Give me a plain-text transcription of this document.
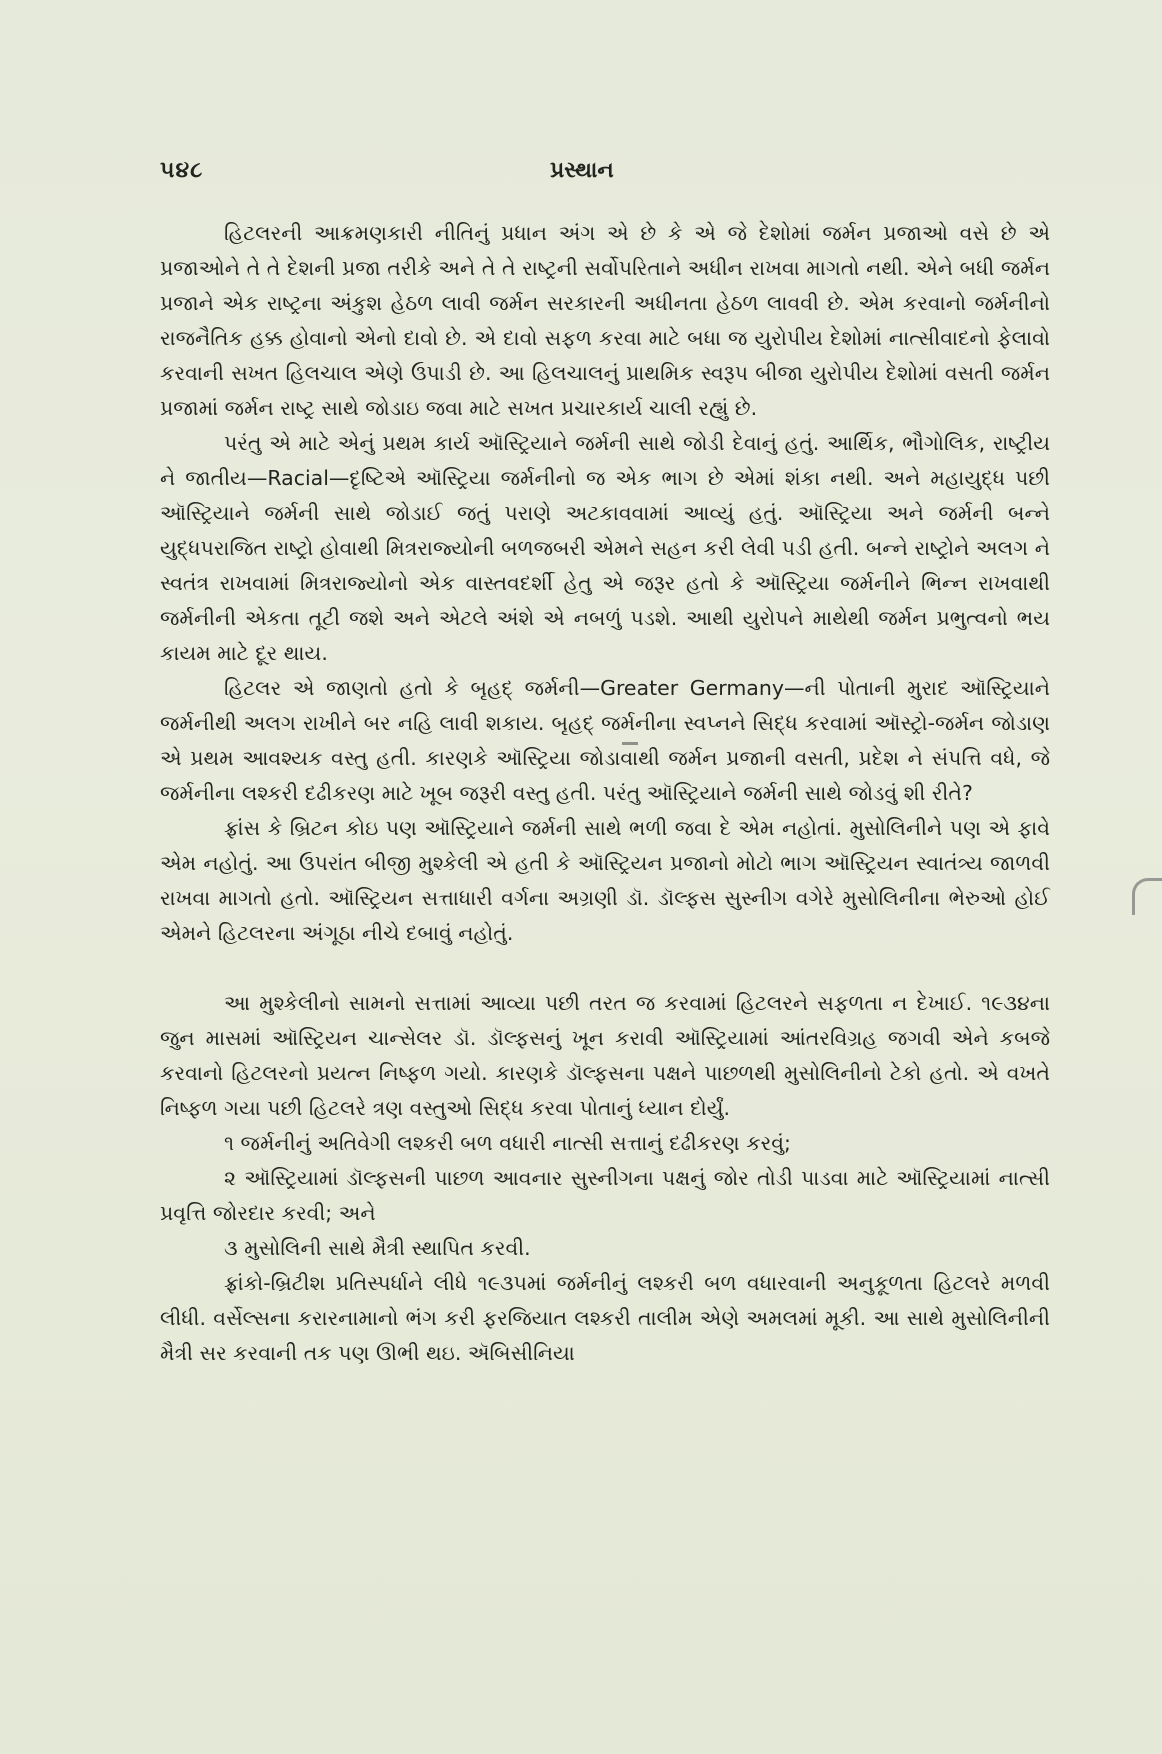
૫૪૮	પ્રસ્થાન

હિટલરની આક્રમણકારી નીતિનું પ્રધાન અંગ એ છે કે એ જે દેશોમાં જર્મન પ્રજાઓ વસે છે એ પ્રજાઓને તે તે દેશની પ્રજા તરીકે અને તે તે રાષ્ટ્રની સર્વોપરિતાને અધીન રાખવા માગતો નથી. એને બધી જર્મન પ્રજાને એક રાષ્ટ્રના અંકુશ હેઠળ લાવી જર્મન સરકારની અધીનતા હેઠળ લાવવી છે. એમ કરવાનો જર્મનીનો રાજનૈતિક હક્ક હોવાનો એનો દાવો છે. એ દાવો સફળ કરવા માટે બધા જ યુરોપીય દેશોમાં નાત્સીવાદનો ફેલાવો કરવાની સખત હિલચાલ એણે ઉપાડી છે. આ હિલચાલનું પ્રાથમિક સ્વરૂપ બીજા યુરોપીય દેશોમાં વસતી જર્મન પ્રજામાં જર્મન રાષ્ટ્ર સાથે જોડાઇ જવા માટે સખત પ્રચારકાર્ય ચાલી રહ્યું છે.

પરંતુ એ માટે એનું પ્રથમ કાર્ય ઑસ્ટ્રિયાને જર્મની સાથે જોડી દેવાનું હતું. આર્થિક, ભૌગોલિક, રાષ્ટ્રીય ને જાતીય—Racial—દૃષ્ટિએ ઑસ્ટ્રિયા જર્મનીનો જ એક ભાગ છે એમાં શંકા નથી. અને મહાયુદ્ધ પછી ઑસ્ટ્રિયાને જર્મની સાથે જોડાઈ જતું પરાણે અટકાવવામાં આવ્યું હતું. ઑસ્ટ્રિયા અને જર્મની બન્ને યુદ્ધપરાજિત રાષ્ટ્રો હોવાથી મિત્રરાજ્યોની બળજબરી એમને સહન કરી લેવી પડી હતી. બન્ને રાષ્ટ્રોને અલગ ને સ્વતંત્ર રાખવામાં મિત્રરાજ્યોનો એક વાસ્તવદર્શી હેતુ એ જરૂર હતો કે ઑસ્ટ્રિયા જર્મનીને ભિન્ન રાખવાથી જર્મનીની એકતા તૂટી જશે અને એટલે અંશે એ નબળું પડશે. આથી યુરોપને માથેથી જર્મન પ્રભુત્વનો ભય કાયમ માટે દૂર થાય.

હિટલર એ જાણતો હતો કે બૃહદ્ જર્મની—Greater Germany—ની પોતાની મુરાદ ઑસ્ટ્રિયાને જર્મનીથી અલગ રાખીને બર નહિ લાવી શકાય. બૃહદ્ જર્મનીના સ્વપ્નને સિદ્ધ કરવામાં ઑસ્ટ્રો-જર્મન જોડાણ એ પ્રથમ આવશ્યક વસ્તુ હતી. કારણકે ઑસ્ટ્રિયા જોડાવાથી જર્મન પ્રજાની વસતી, પ્રદેશ ને સંપત્તિ વધે, જે જર્મનીના લશ્કરી દઢીકરણ માટે ખૂબ જરૂરી વસ્તુ હતી. પરંતુ ઑસ્ટ્રિયાને જર્મની સાથે જોડવું શી રીતે?

ફ્રાંસ કે બ્રિટન કોઇ પણ ઑસ્ટ્રિયાને જર્મની સાથે ભળી જવા દે એમ નહોતાં. મુસોલિનીને પણ એ ફાવે એમ નહોતું. આ ઉપરાંત બીજી મુશ્કેલી એ હતી કે ઑસ્ટ્રિયન પ્રજાનો મોટો ભાગ ઑસ્ટ્રિયન સ્વાતંત્ર્ય જાળવી રાખવા માગતો હતો. ઑસ્ટ્રિયન સત્તાધારી વર્ગના અગ્રણી ડૉ. ડૉલ્ફસ સુસ્નીગ વગેરે મુસોલિનીના ભેરુઓ હોઈ એમને હિટલરના અંગૂઠા નીચે દબાવું નહોતું.

આ મુશ્કેલીનો સામનો સત્તામાં આવ્યા પછી તરત જ કરવામાં હિટલરને સફળતા ન દેખાઈ. ૧૯૩૪ના જુન માસમાં ઑસ્ટ્રિયન ચાન્સેલર ડૉ. ડૉલ્ફસનું ખૂન કરાવી ઑસ્ટ્રિયામાં આંતરવિગ્રહ જગવી એને કબજે કરવાનો હિટલરનો પ્રયત્ન નિષ્ફળ ગયો. કારણકે ડૉલ્ફસના પક્ષને પાછળથી મુસોલિનીનો ટેકો હતો. એ વખતે નિષ્ફળ ગયા પછી હિટલરે ત્રણ વસ્તુઓ સિદ્ધ કરવા પોતાનું ધ્યાન દોર્યું.

૧ જર્મનીનું અતિવેગી લશ્કરી બળ વધારી નાત્સી સત્તાનું દઢીકરણ કરવું;

૨ ઑસ્ટ્રિયામાં ડૉલ્ફસની પાછળ આવનાર સુસ્નીગના પક્ષનું જોર તોડી પાડવા માટે ઑસ્ટ્રિયામાં નાત્સી પ્રવૃત્તિ જોરદાર કરવી; અને

૩ મુસોલિની સાથે મૈત્રી સ્થાપિત કરવી.

ફ્રાંકો-બ્રિટીશ પ્રતિસ્પર્ધાને લીધે ૧૯૩૫માં જર્મનીનું લશ્કરી બળ વધારવાની અનુકૂળતા હિટલરે મળવી લીધી. વર્સેલ્સના કરારનામાનો ભંગ કરી ફરજિયાત લશ્કરી તાલીમ એણે અમલમાં મૂકી. આ સાથે મુસોલિનીની મૈત્રી સર કરવાની તક પણ ઊભી થઇ. ઍબિસીનિયા
